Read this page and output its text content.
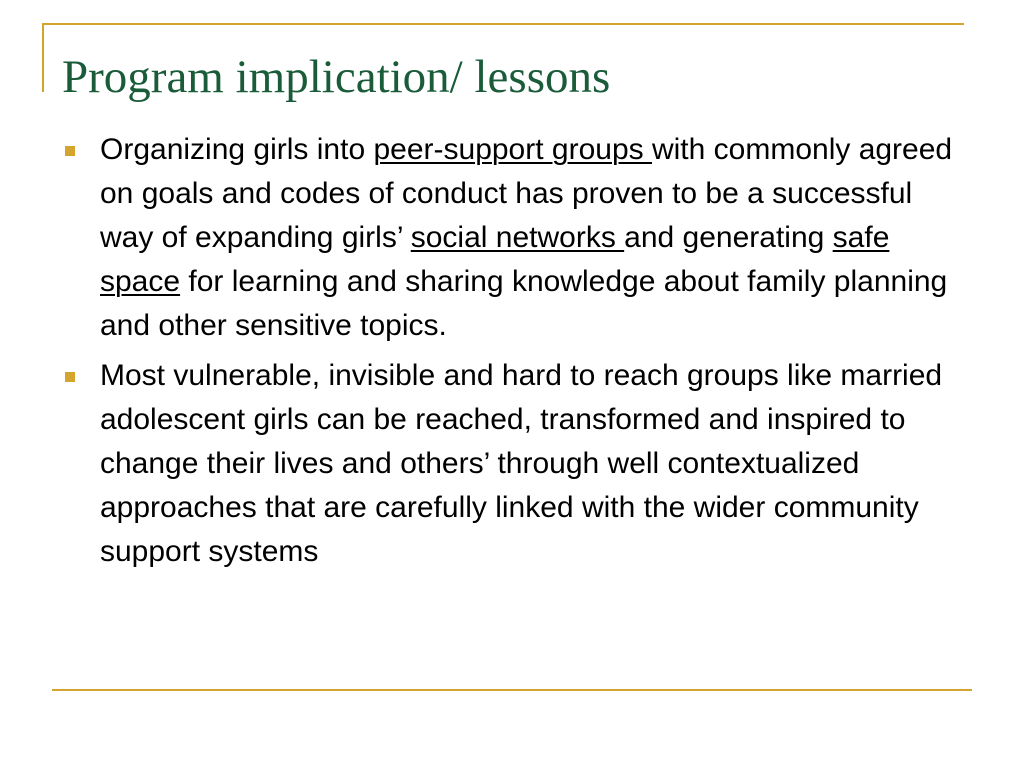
Program implication/ lessons
Organizing girls into peer-support groups with commonly agreed on goals and codes of conduct has proven to be a successful way of expanding girls’ social networks and generating safe space for learning and sharing knowledge about family planning and other sensitive topics.
Most vulnerable, invisible and hard to reach groups like married adolescent girls can be reached, transformed and inspired to change their lives and others’ through well contextualized approaches that are carefully linked with the wider community support systems
